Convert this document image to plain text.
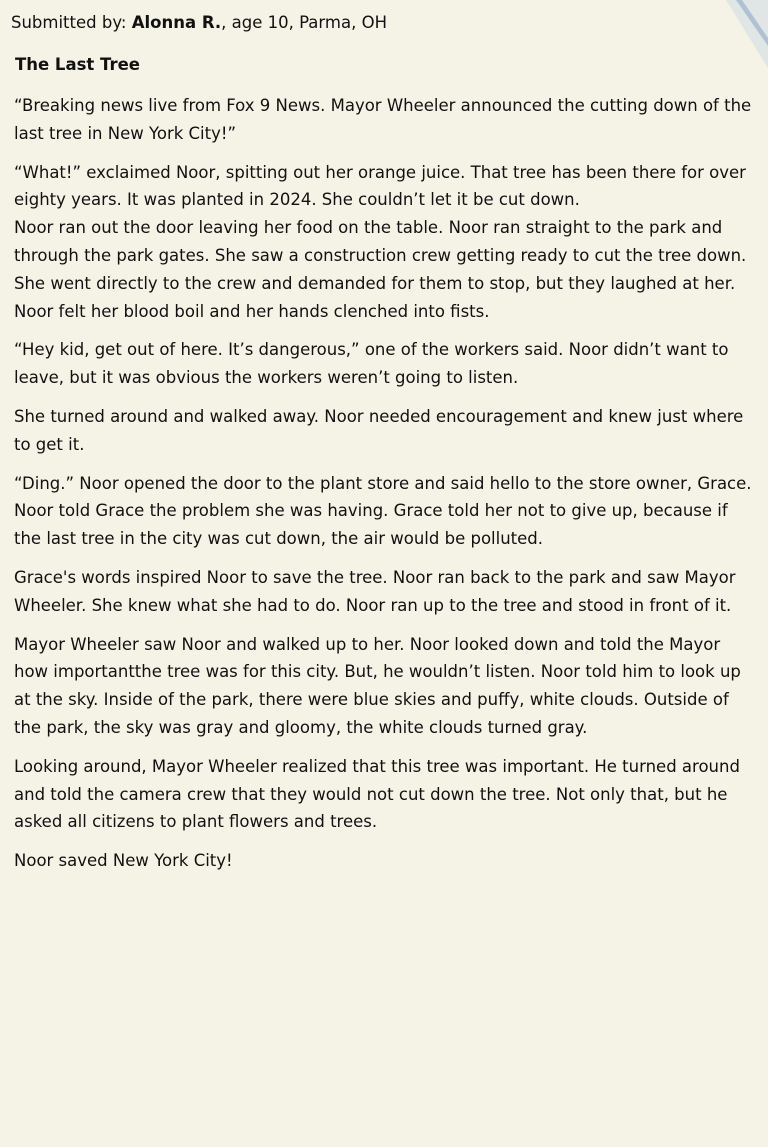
Submitted by: Alonna R., age 10, Parma, OH
The Last Tree

“Breaking news live from Fox 9 News. Mayor Wheeler announced the cutting down of the last tree in New York City!”

“What!” exclaimed Noor, spitting out her orange juice. That tree has been there for over eighty years. It was planted in 2024. She couldn’t let it be cut down.

Noor ran out the door leaving her food on the table. Noor ran straight to the park and through the park gates. She saw a construction crew getting ready to cut the tree down. She went directly to the crew and demanded for them to stop, but they laughed at her. Noor felt her blood boil and her hands clenched into fists.

“Hey kid, get out of here. It’s dangerous,” one of the workers said. Noor didn’t want to leave, but it was obvious the workers weren’t going to listen.

She turned around and walked away. Noor needed encouragement and knew just where to get it.

“Ding.” Noor opened the door to the plant store and said hello to the store owner, Grace. Noor told Grace the problem she was having. Grace told her not to give up, because if the last tree in the city was cut down, the air would be polluted.

Grace's words inspired Noor to save the tree. Noor ran back to the park and saw Mayor Wheeler. She knew what she had to do. Noor ran up to the tree and stood in front of it.

Mayor Wheeler saw Noor and walked up to her. Noor looked down and told the Mayor how importantthe tree was for this city. But, he wouldn’t listen. Noor told him to look up at the sky. Inside of the park, there were blue skies and puffy, white clouds. Outside of the park, the sky was gray and gloomy, the white clouds turned gray.

Looking around, Mayor Wheeler realized that this tree was important. He turned around and told the camera crew that they would not cut down the tree. Not only that, but he asked all citizens to plant flowers and trees.

Noor saved New York City!
